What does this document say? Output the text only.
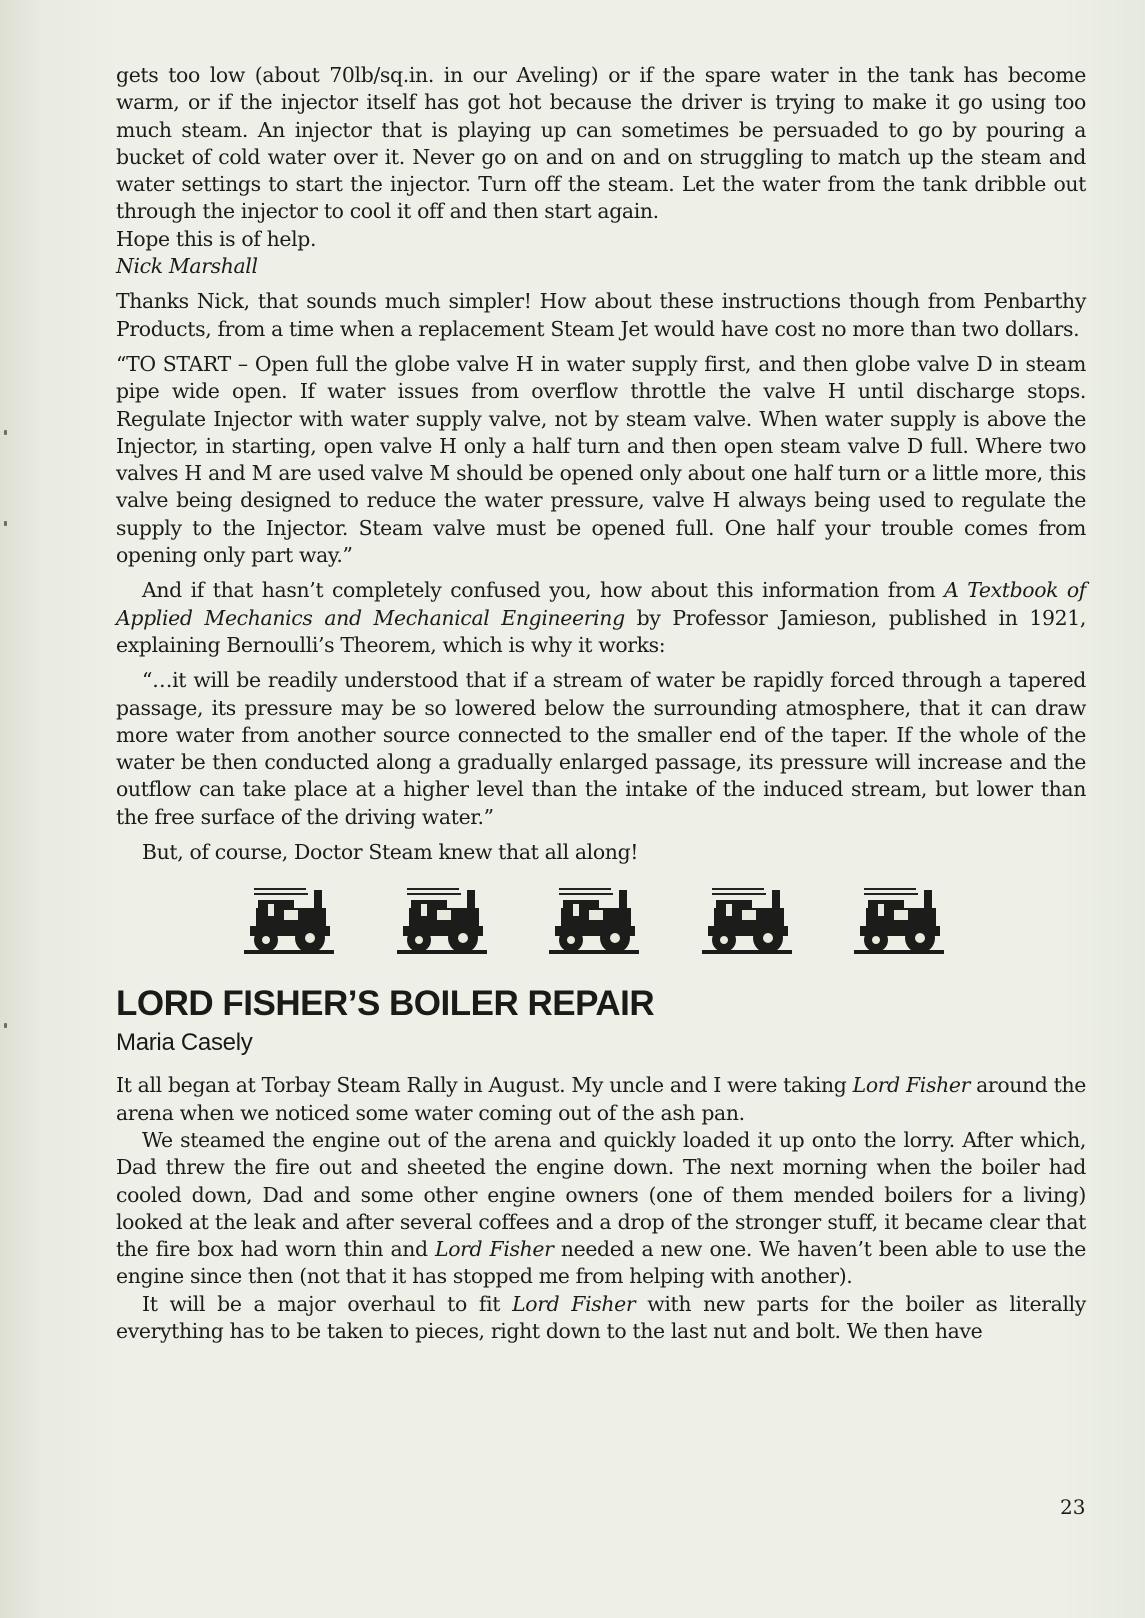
gets too low (about 70lb/sq.in. in our Aveling) or if the spare water in the tank has become warm, or if the injector itself has got hot because the driver is trying to make it go using too much steam. An injector that is playing up can sometimes be persuaded to go by pouring a bucket of cold water over it. Never go on and on and on struggling to match up the steam and water settings to start the injector. Turn off the steam. Let the water from the tank dribble out through the injector to cool it off and then start again.

Hope this is of help.

Nick Marshall

Thanks Nick, that sounds much simpler! How about these instructions though from Penbarthy Products, from a time when a replacement Steam Jet would have cost no more than two dollars.

“TO START – Open full the globe valve H in water supply first, and then globe valve D in steam pipe wide open. If water issues from overflow throttle the valve H until discharge stops. Regulate Injector with water supply valve, not by steam valve. When water supply is above the Injector, in starting, open valve H only a half turn and then open steam valve D full. Where two valves H and M are used valve M should be opened only about one half turn or a little more, this valve being designed to reduce the water pressure, valve H always being used to regulate the supply to the Injector. Steam valve must be opened full. One half your trouble comes from opening only part way.”

And if that hasn’t completely confused you, how about this information from A Textbook of Applied Mechanics and Mechanical Engineering by Professor Jamieson, published in 1921, explaining Bernoulli’s Theorem, which is why it works:

“…it will be readily understood that if a stream of water be rapidly forced through a tapered passage, its pressure may be so lowered below the surrounding atmosphere, that it can draw more water from another source connected to the smaller end of the taper. If the whole of the water be then conducted along a gradually enlarged passage, its pressure will increase and the outflow can take place at a higher level than the intake of the induced stream, but lower than the free surface of the driving water.”

But, of course, Doctor Steam knew that all along!

LORD FISHER’S BOILER REPAIR
Maria Casely

It all began at Torbay Steam Rally in August. My uncle and I were taking Lord Fisher around the arena when we noticed some water coming out of the ash pan.

We steamed the engine out of the arena and quickly loaded it up onto the lorry. After which, Dad threw the fire out and sheeted the engine down. The next morning when the boiler had cooled down, Dad and some other engine owners (one of them mended boilers for a living) looked at the leak and after several coffees and a drop of the stronger stuff, it became clear that the fire box had worn thin and Lord Fisher needed a new one. We haven’t been able to use the engine since then (not that it has stopped me from helping with another).

It will be a major overhaul to fit Lord Fisher with new parts for the boiler as literally everything has to be taken to pieces, right down to the last nut and bolt. We then have

23
